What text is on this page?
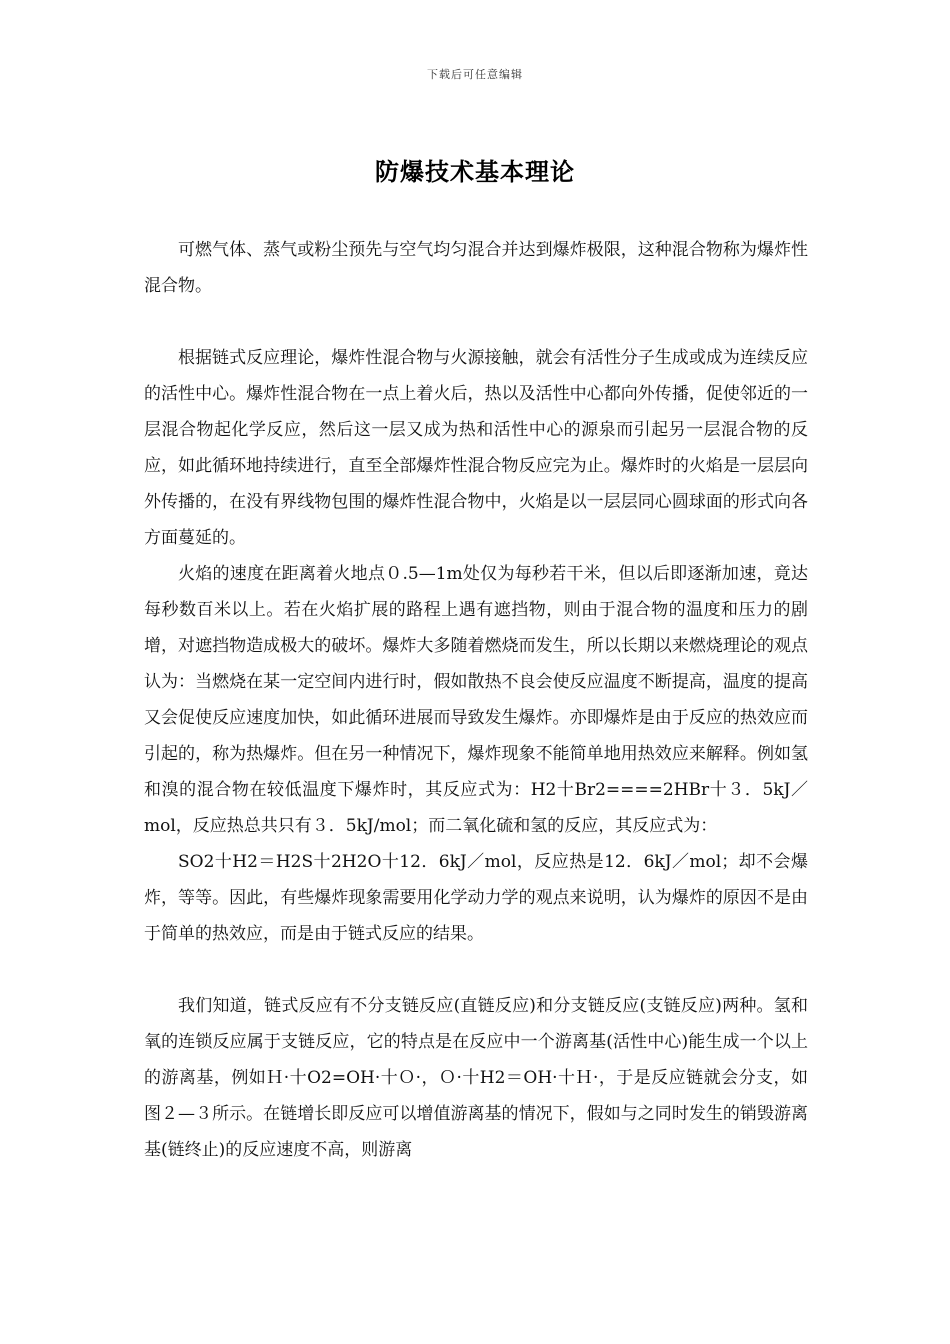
下载后可任意编辑
防爆技术基本理论

可燃气体、蒸气或粉尘预先与空气均匀混合并达到爆炸极限，这种混合物称为爆炸性混合物。

根据链式反应理论，爆炸性混合物与火源接触，就会有活性分子生成或成为连续反应的活性中心。爆炸性混合物在一点上着火后，热以及活性中心都向外传播，促使邻近的一层混合物起化学反应，然后这一层又成为热和活性中心的源泉而引起另一层混合物的反应，如此循环地持续进行，直至全部爆炸性混合物反应完为止。爆炸时的火焰是一层层向外传播的，在没有界线物包围的爆炸性混合物中，火焰是以一层层同心圆球面的形式向各方面蔓延的。

火焰的速度在距离着火地点０.5—1m处仅为每秒若干米，但以后即逐渐加速，竟达每秒数百米以上。若在火焰扩展的路程上遇有遮挡物，则由于混合物的温度和压力的剧增，对遮挡物造成极大的破坏。爆炸大多随着燃烧而发生，所以长期以来燃烧理论的观点认为：当燃烧在某一定空间内进行时，假如散热不良会使反应温度不断提高，温度的提高又会促使反应速度加快，如此循环进展而导致发生爆炸。亦即爆炸是由于反应的热效应而引起的，称为热爆炸。但在另一种情况下，爆炸现象不能简单地用热效应来解释。例如氢和溴的混合物在较低温度下爆炸时，其反应式为：H2十Br2====2HBr十３．5kJ／mol，反应热总共只有３．5kJ/mol；而二氧化硫和氢的反应，其反应式为：

SO2十H2＝H2S十2H2O十12．6kJ／mol，反应热是12．6kJ／mol；却不会爆炸，等等。因此，有些爆炸现象需要用化学动力学的观点来说明，认为爆炸的原因不是由于简单的热效应，而是由于链式反应的结果。

我们知道，链式反应有不分支链反应(直链反应)和分支链反应(支链反应)两种。氢和氧的连锁反应属于支链反应，它的特点是在反应中一个游离基(活性中心)能生成一个以上的游离基，例如Ｈ·十O2=OH·十Ｏ·，Ｏ·十H2＝OH·十Ｈ·，于是反应链就会分支，如图２—３所示。在链增长即反应可以增值游离基的情况下，假如与之同时发生的销毁游离基(链终止)的反应速度不高，则游离
